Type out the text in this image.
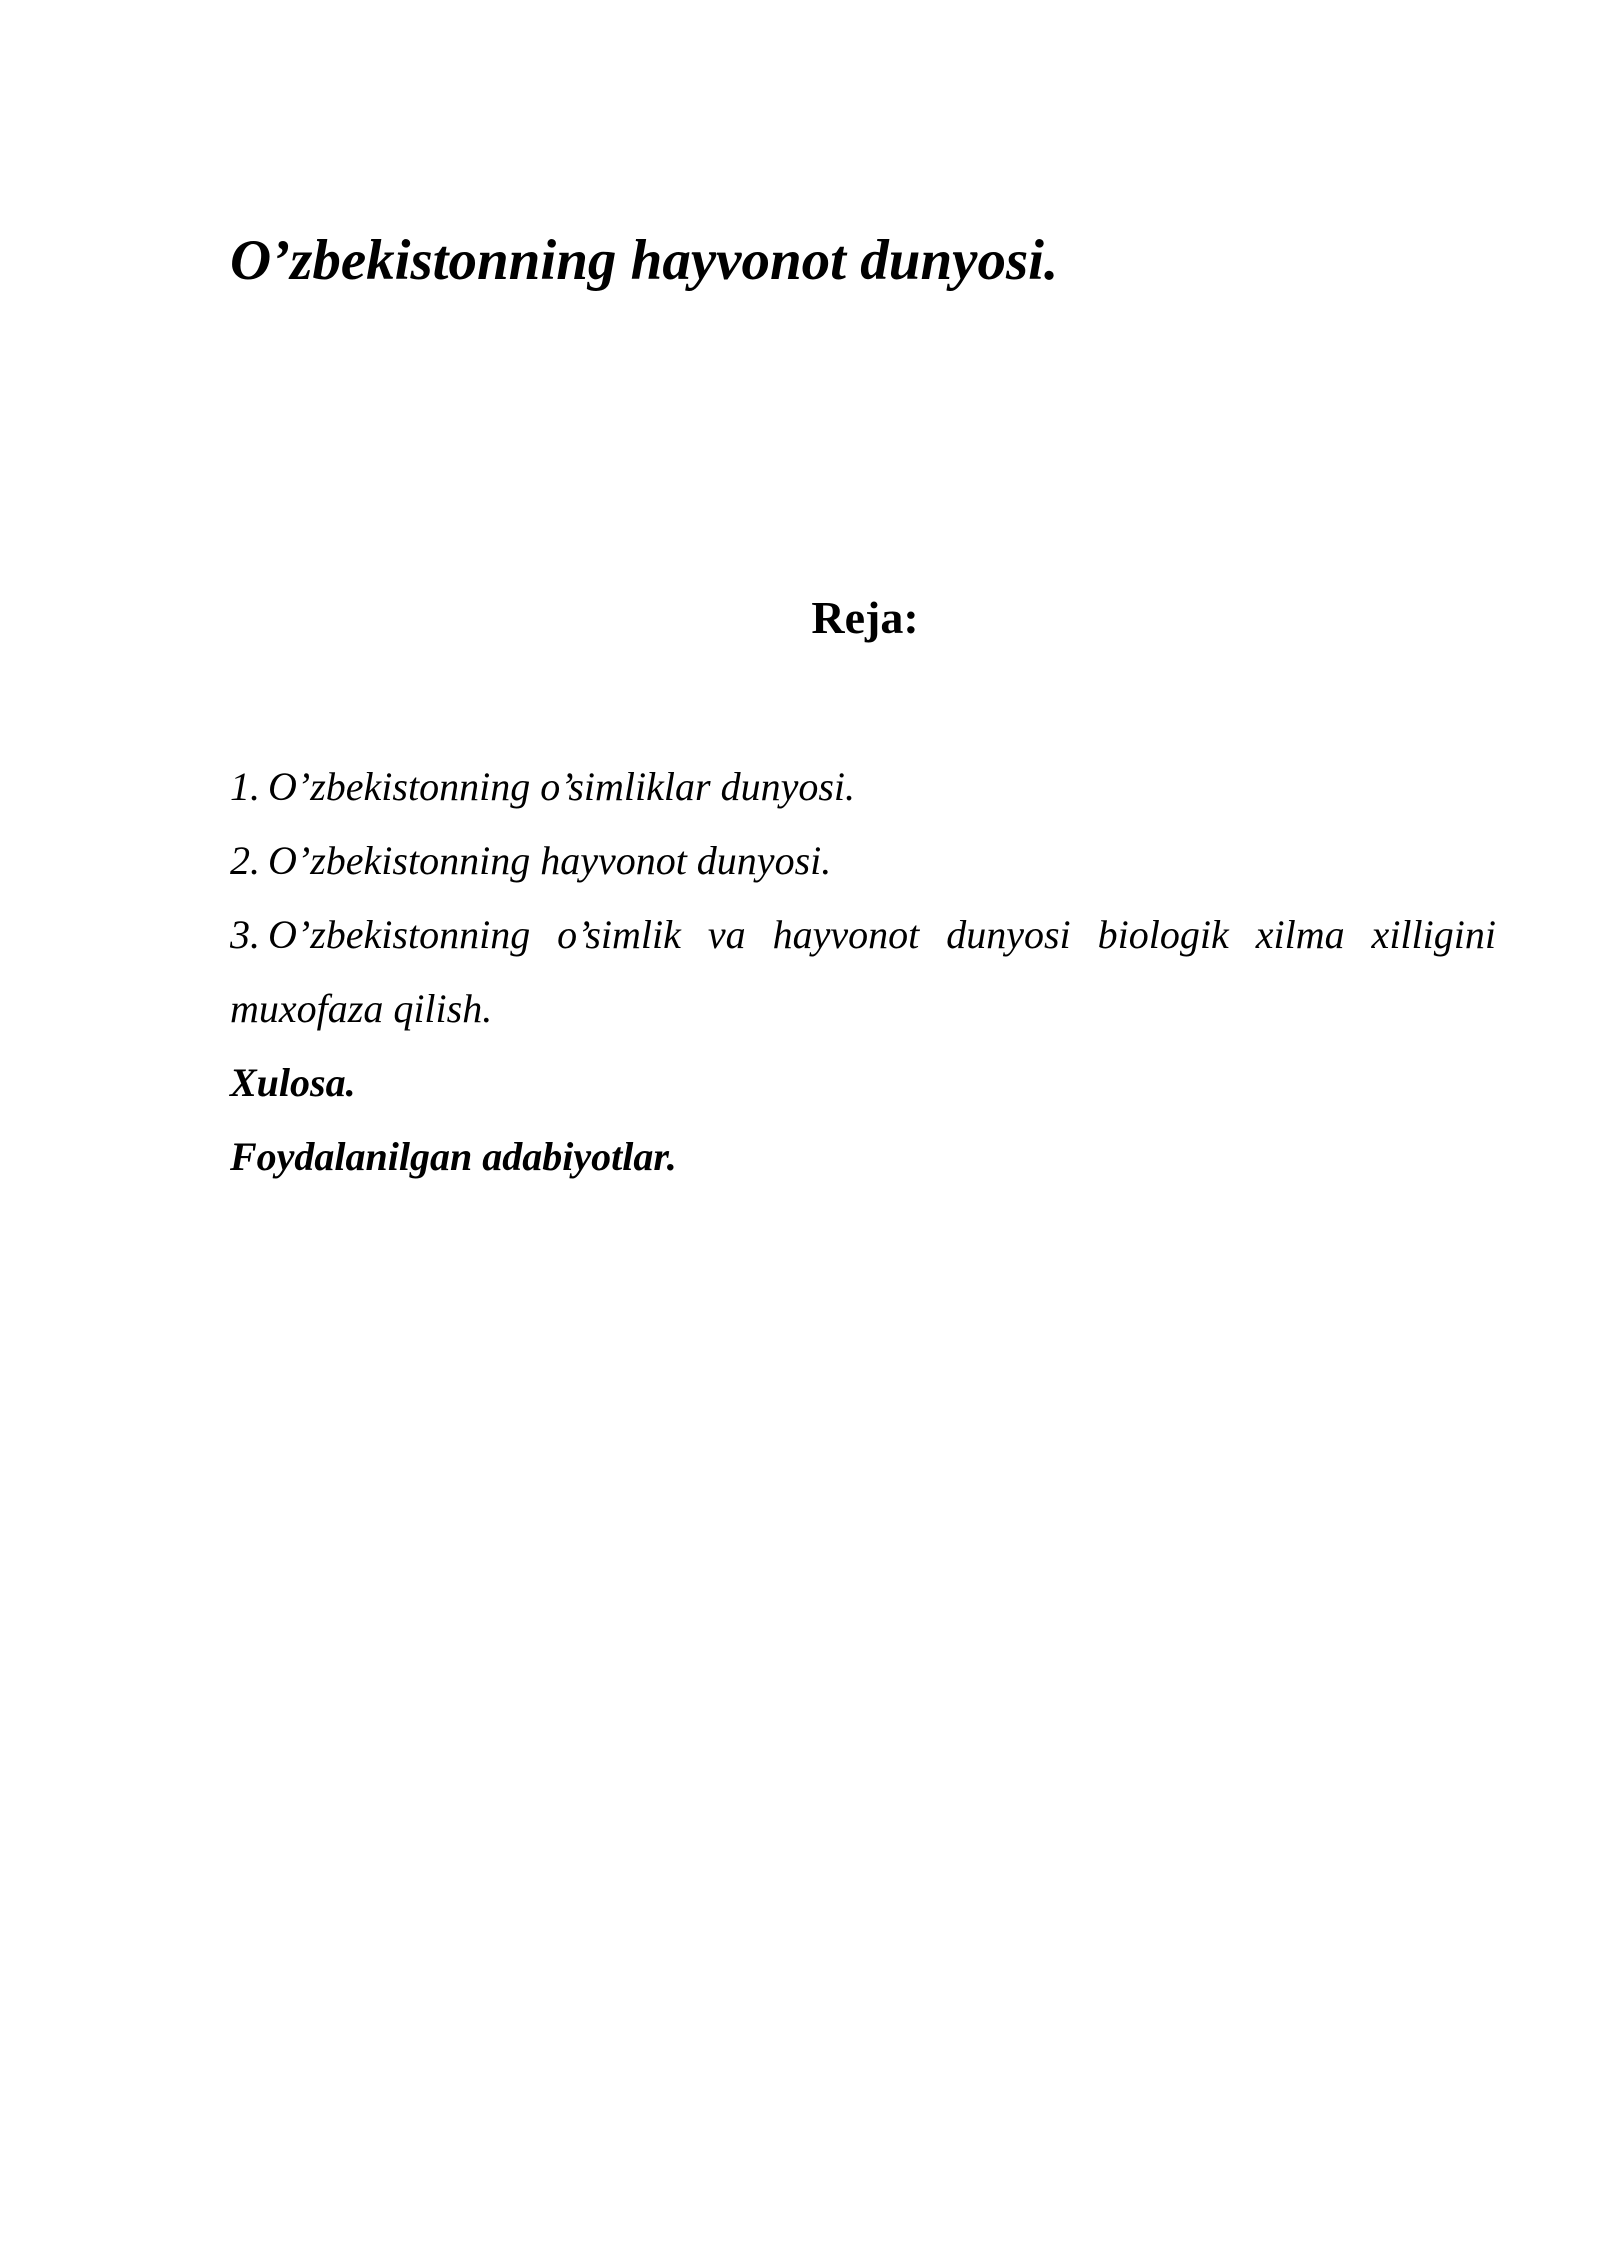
O’zbekistonning hayvonot dunyosi.
Reja:
1. O’zbekistonning o’simliklar dunyosi.
2. O’zbekistonning hayvonot dunyosi.
3. O’zbekistonning o’simlik va hayvonot dunyosi biologik xilma xilligini muxofaza qilish.
Xulosa.
Foydalanilgan adabiyotlar.
